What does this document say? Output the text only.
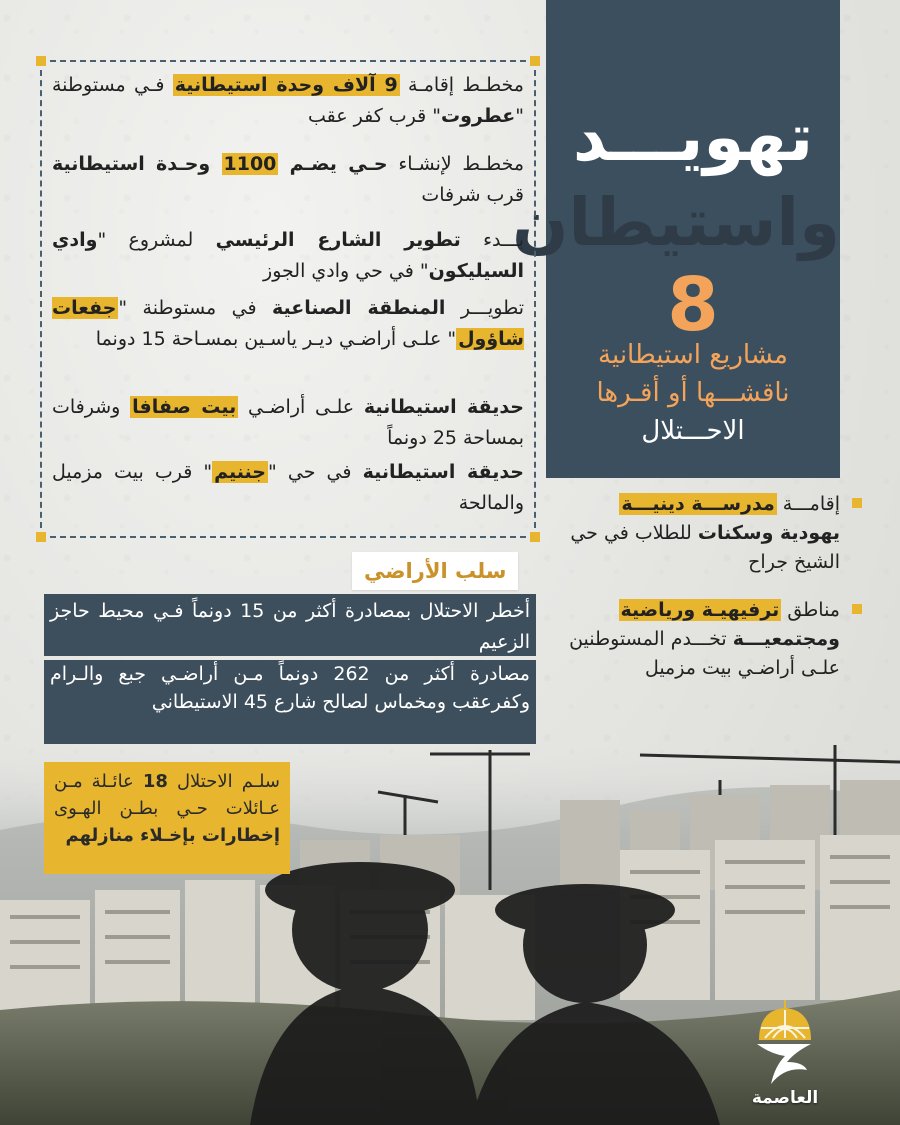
تهويـــد
واستيطان
8
مشاريع استيطانية
ناقشـــها أو أقـرها
الاحـــتلال
مخطـط إقامـة 9 آلاف وحدة استيطانية فـي مستوطنة "عطروت" قرب كفر عقب
مخطـط لإنشـاء حـي يضـم 1100 وحـدة استيطانية قرب شرفات
بـــدء تطوير الشارع الرئيسي لمشروع "وادي السيليكون" في حي وادي الجوز
تطويـــر المنطقة الصناعية في مستوطنة "جفعات شاؤول" علـى أراضـي ديـر ياسـين بمسـاحة 15 دونما
حديقة استيطانية علـى أراضـي بيت صفافا وشرفات بمساحة 25 دونماً
حديقة استيطانية في حي "جننيم" قرب بيت مزميل والمالحة	إقامـــة مدرســـة دينيـــة يهودية وسكنات للطلاب في حي الشيخ جراح
مناطق ترفيهيـة ورياضية ومجتمعيـــة تخـــدم المستوطنين علـى أراضـي بيت مزميل
سلب الأراضي
أخطر الاحتلال بمصادرة أكثر من 15 دونماً فـي محيط حاجز الزعيم
مصادرة أكثر من 262 دونماً مـن أراضـي جبع والـرام وكفرعقب ومخماس لصالح شارع 45 الاستيطاني
سلـم الاحتلال 18 عائـلة مـن عـائلات حـي بطـن الهـوى إخطارات بإخـلاء منازلهم
العاصمة
